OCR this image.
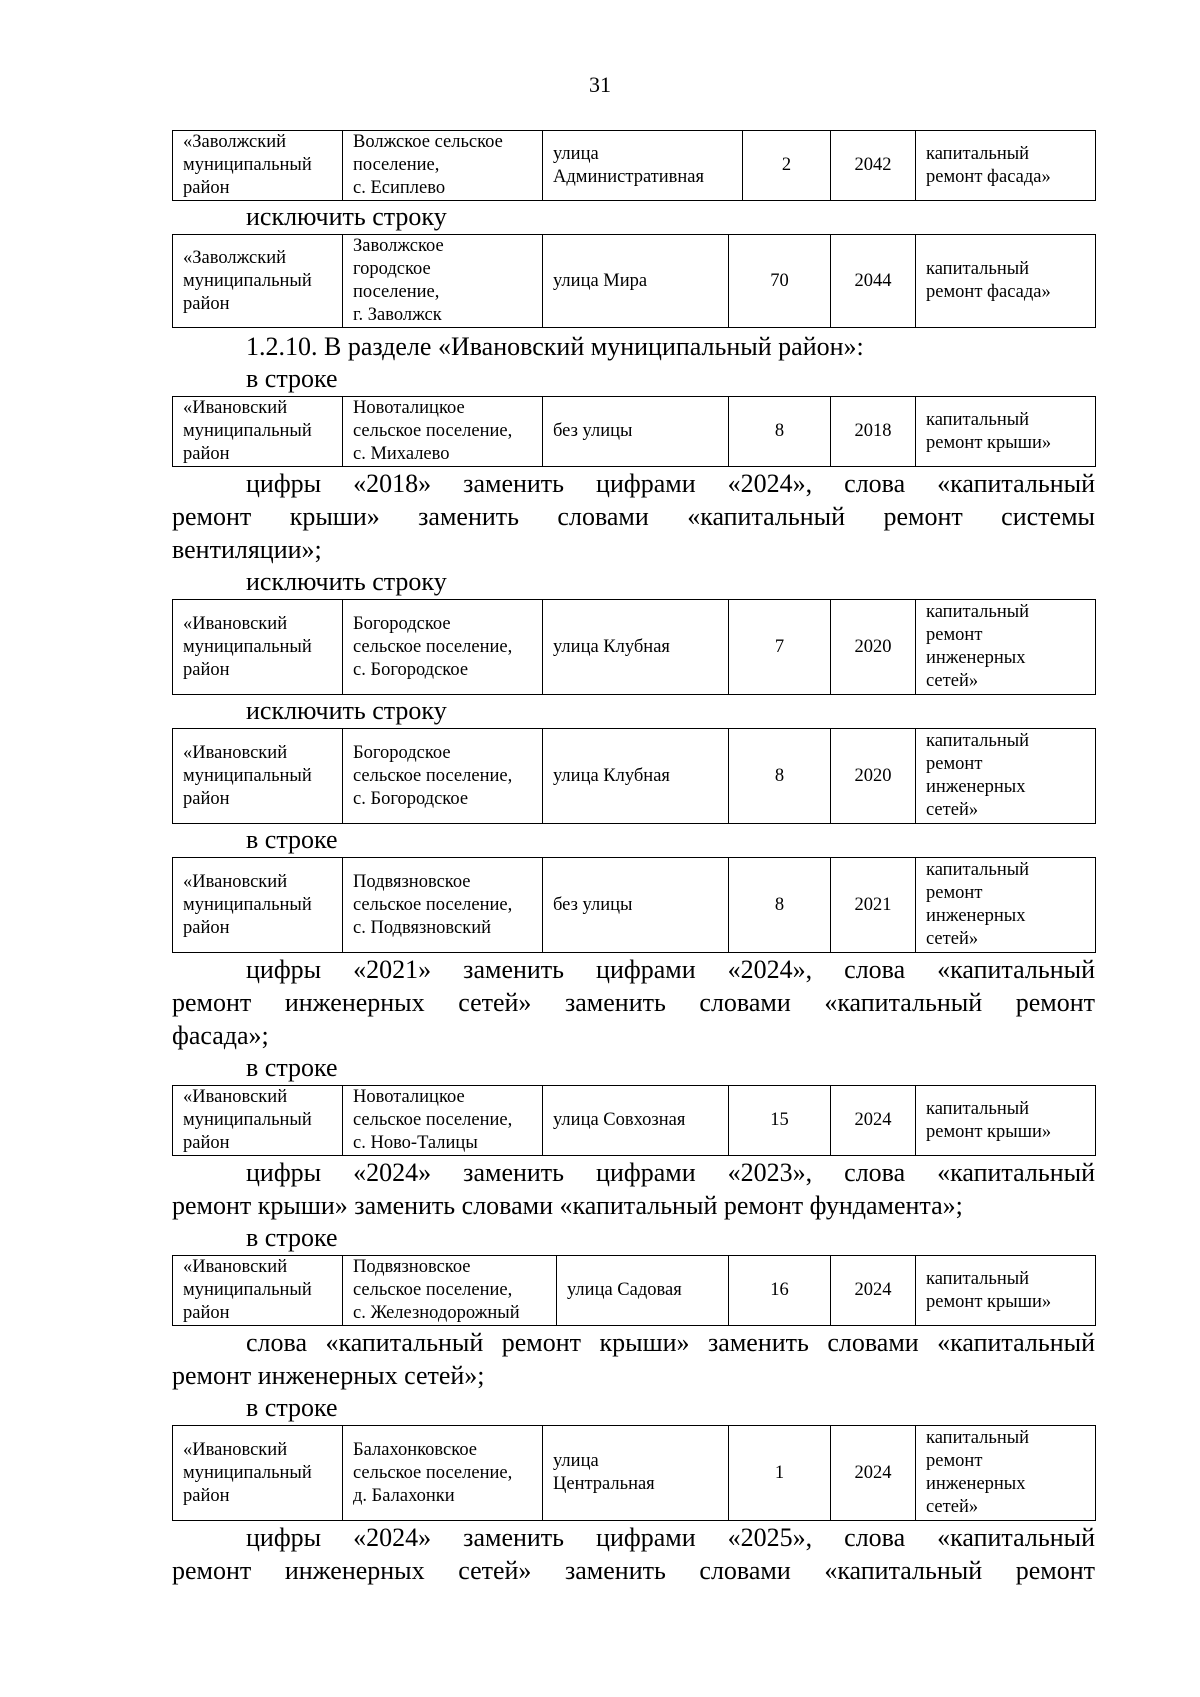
31
«Заволжский
муниципальный
район

Волжское сельское
поселение,
с. Есиплево

улица
Административная
	2	2042	
капитальный
ремонт фасада»
исключить строку
«Заволжский
муниципальный
район

Заволжское
городское
поселение,
г. Заволжск

улица Мира	70	2044	
капитальный
ремонт фасада»
1.2.10. В разделе «Ивановский муниципальный район»:
в строке
«Ивановский
муниципальный
район

Новоталицкое
сельское поселение,
с. Михалево

без улицы	8	2018	
капитальный
ремонт крыши»
цифры «2018» заменить цифрами «2024», слова «капитальный
ремонт крыши» заменить словами «капитальный ремонт системы
вентиляции»;
исключить строку
«Ивановский
муниципальный
район

Богородское
сельское поселение,
с. Богородское

улица Клубная	7	2020	
капитальный
ремонт
инженерных
сетей»
исключить строку
«Ивановский
муниципальный
район

Богородское
сельское поселение,
с. Богородское

улица Клубная	8	2020	
капитальный
ремонт
инженерных
сетей»
в строке
«Ивановский
муниципальный
район

Подвязновское
сельское поселение,
с. Подвязновский

без улицы	8	2021	
капитальный
ремонт
инженерных
сетей»
цифры «2021» заменить цифрами «2024», слова «капитальный
ремонт инженерных сетей» заменить словами «капитальный ремонт
фасада»;
в строке
«Ивановский
муниципальный
район

Новоталицкое
сельское поселение,
с. Ново-Талицы

улица Совхозная	15	2024	
капитальный
ремонт крыши»
цифры «2024» заменить цифрами «2023», слова «капитальный
ремонт крыши» заменить словами «капитальный ремонт фундамента»;
в строке
«Ивановский
муниципальный
район

Подвязновское
сельское поселение,
с. Железнодорожный

улица Садовая	16	2024	
капитальный
ремонт крыши»
слова «капитальный ремонт крыши» заменить словами «капитальный
ремонт инженерных сетей»;
в строке
«Ивановский
муниципальный
район

Балахонковское
сельское поселение,
д. Балахонки

улица
Центральная
	1	2024	
капитальный
ремонт
инженерных
сетей»
цифры «2024» заменить цифрами «2025», слова «капитальный
ремонт инженерных сетей» заменить словами «капитальный ремонт
